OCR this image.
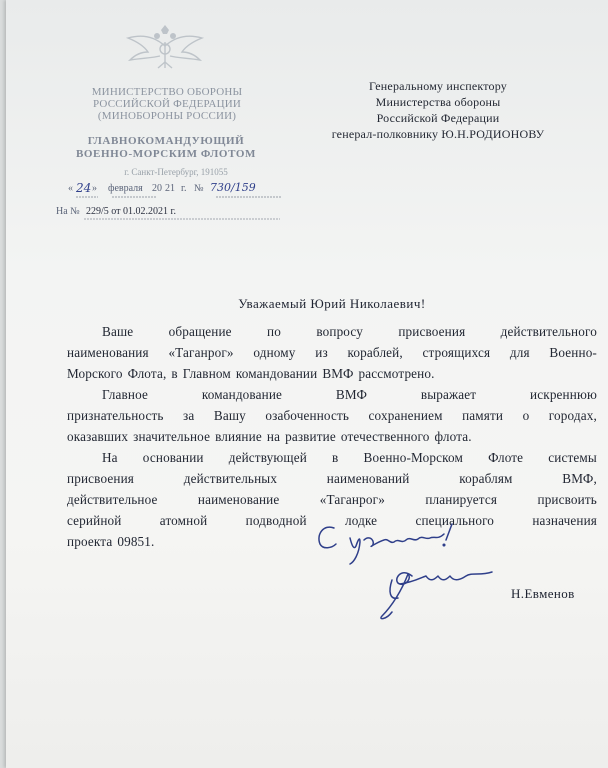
МИНИСТЕРСТВО ОБОРОНЫ
РОССИЙСКОЙ ФЕДЕРАЦИИ
(МИНОБОРОНЫ РОССИИ)
ГЛАВНОКОМАНДУЮЩИЙ
ВОЕННО-МОРСКИМ ФЛОТОМ
г. Санкт-Петербург, 191055
« 24 » февраля 20 21 г. № 730/159
На № 229/5 от 01.02.2021 г.
Генеральному инспектору
Министерства обороны
Российской Федерации
генерал-полковнику Ю.Н.РОДИОНОВУ
Уважаемый Юрий Николаевич!
Ваше	обращение	по	вопросу	присвоения	действительного
наименования «Таганрог» одному из кораблей, строящихся для Военно-
Морского Флота, в Главном командовании ВМФ рассмотрено.
Главное	командование	ВМФ	выражает	искреннюю
признательность за Вашу озабоченность сохранением памяти о городах,
оказавших значительное влияние на развитие отечественного флота.
На основании действующей в Военно-Морском Флоте системы
присвоения	действительных	наименований	кораблям	ВМФ,
действительное	наименование	«Таганрог»	планируется	присвоить
серийной	атомной	подводной	лодке	специального	назначения
проекта 09851.
Н.Евменов
